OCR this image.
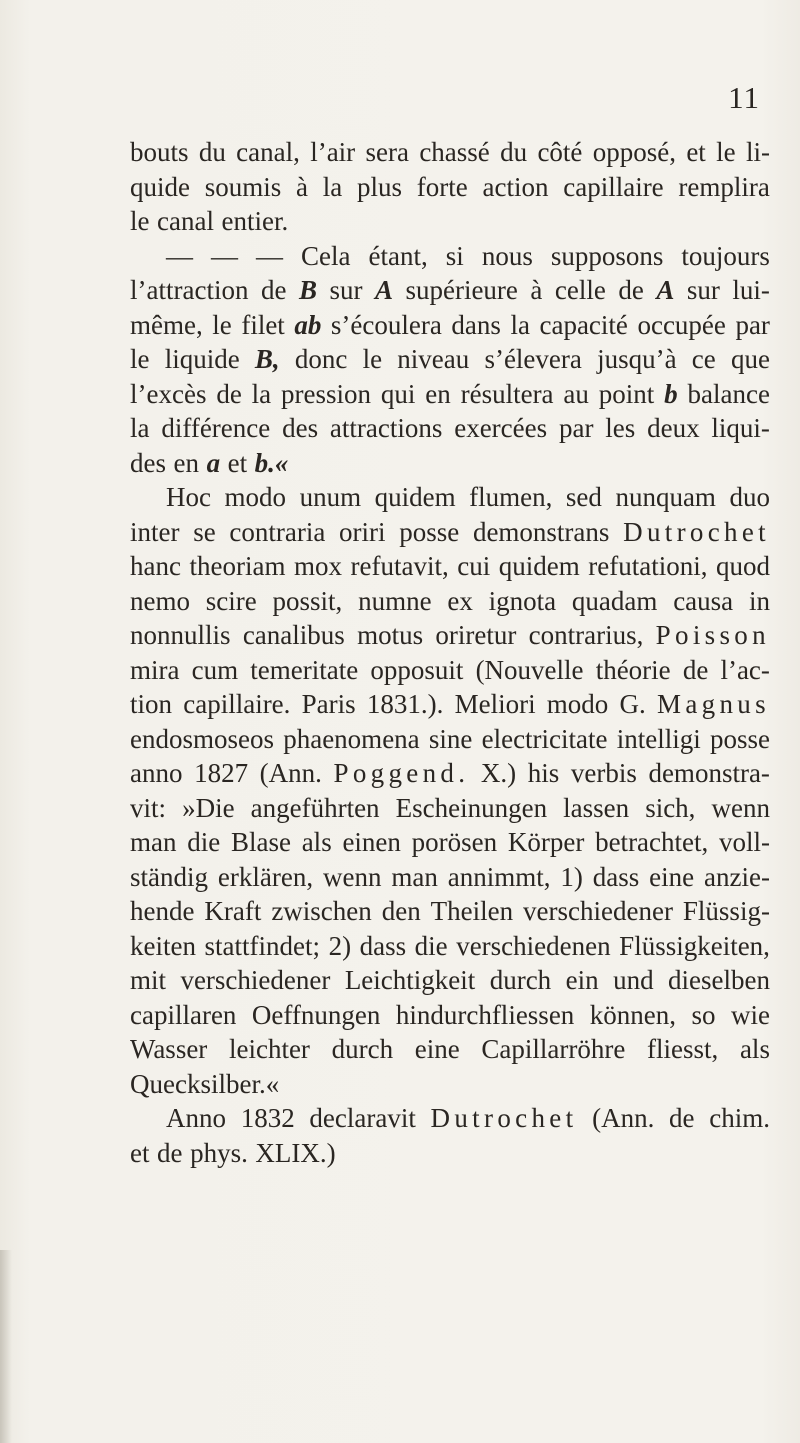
11
bouts du canal, l’air sera chassé du côté opposé, et le li-
quide soumis à la plus forte action capillaire remplira
le canal entier.
— — — Cela étant, si nous supposons toujours
l’attraction de B sur A supérieure à celle de A sur lui-
même, le filet ab s’écoulera dans la capacité occupée par
le liquide B, donc le niveau s’élevera jusqu’à ce que
l’excès de la pression qui en résultera au point b balance
la différence des attractions exercées par les deux liqui-
des en a et b.«
Hoc modo unum quidem flumen, sed nunquam duo
inter se contraria oriri posse demonstrans Dutrochet
hanc theoriam mox refutavit, cui quidem refutationi, quod
nemo scire possit, numne ex ignota quadam causa in
nonnullis canalibus motus oriretur contrarius, Poisson
mira cum temeritate opposuit (Nouvelle théorie de l’ac-
tion capillaire. Paris 1831.). Meliori modo G. Magnus
endosmoseos phaenomena sine electricitate intelligi posse
anno 1827 (Ann. Poggend. X.) his verbis demonstra-
vit: »Die angeführten Escheinungen lassen sich, wenn
man die Blase als einen porösen Körper betrachtet, voll-
ständig erklären, wenn man annimmt, 1) dass eine anzie-
hende Kraft zwischen den Theilen verschiedener Flüssig-
keiten stattfindet; 2) dass die verschiedenen Flüssigkeiten,
mit verschiedener Leichtigkeit durch ein und dieselben
capillaren Oeffnungen hindurchfliessen können, so wie
Wasser leichter durch eine Capillarröhre fliesst, als
Quecksilber.«
Anno 1832 declaravit Dutrochet (Ann. de chim.
et de phys. XLIX.)
